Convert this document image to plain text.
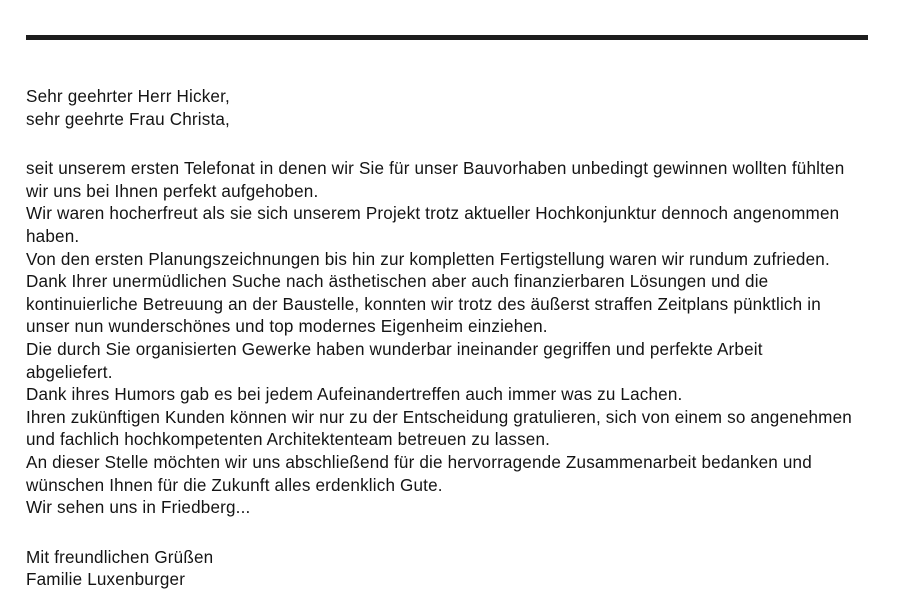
Sehr geehrter Herr Hicker,
sehr geehrte Frau Christa,
seit unserem ersten Telefonat in denen wir Sie für unser Bauvorhaben unbedingt gewinnen wollten fühlten
wir uns bei Ihnen perfekt aufgehoben.
Wir waren hocherfreut als sie sich unserem Projekt trotz aktueller Hochkonjunktur dennoch angenommen
haben.
Von den ersten Planungszeichnungen bis hin zur kompletten Fertigstellung waren wir rundum zufrieden.
Dank Ihrer unermüdlichen Suche nach ästhetischen aber auch finanzierbaren Lösungen und die
kontinuierliche Betreuung an der Baustelle, konnten wir trotz des äußerst straffen Zeitplans pünktlich in
unser nun wunderschönes und top modernes Eigenheim einziehen.
Die durch Sie organisierten Gewerke haben wunderbar ineinander gegriffen und perfekte Arbeit
abgeliefert.
Dank ihres Humors gab es bei jedem Aufeinandertreffen auch immer was zu Lachen.
Ihren zukünftigen Kunden können wir nur zu der Entscheidung gratulieren, sich von einem so angenehmen
und fachlich hochkompetenten Architektenteam betreuen zu lassen.
An dieser Stelle möchten wir uns abschließend für die hervorragende Zusammenarbeit bedanken und
wünschen Ihnen für die Zukunft alles erdenklich Gute.
Wir sehen uns in Friedberg...
Mit freundlichen Grüßen
Familie Luxenburger
